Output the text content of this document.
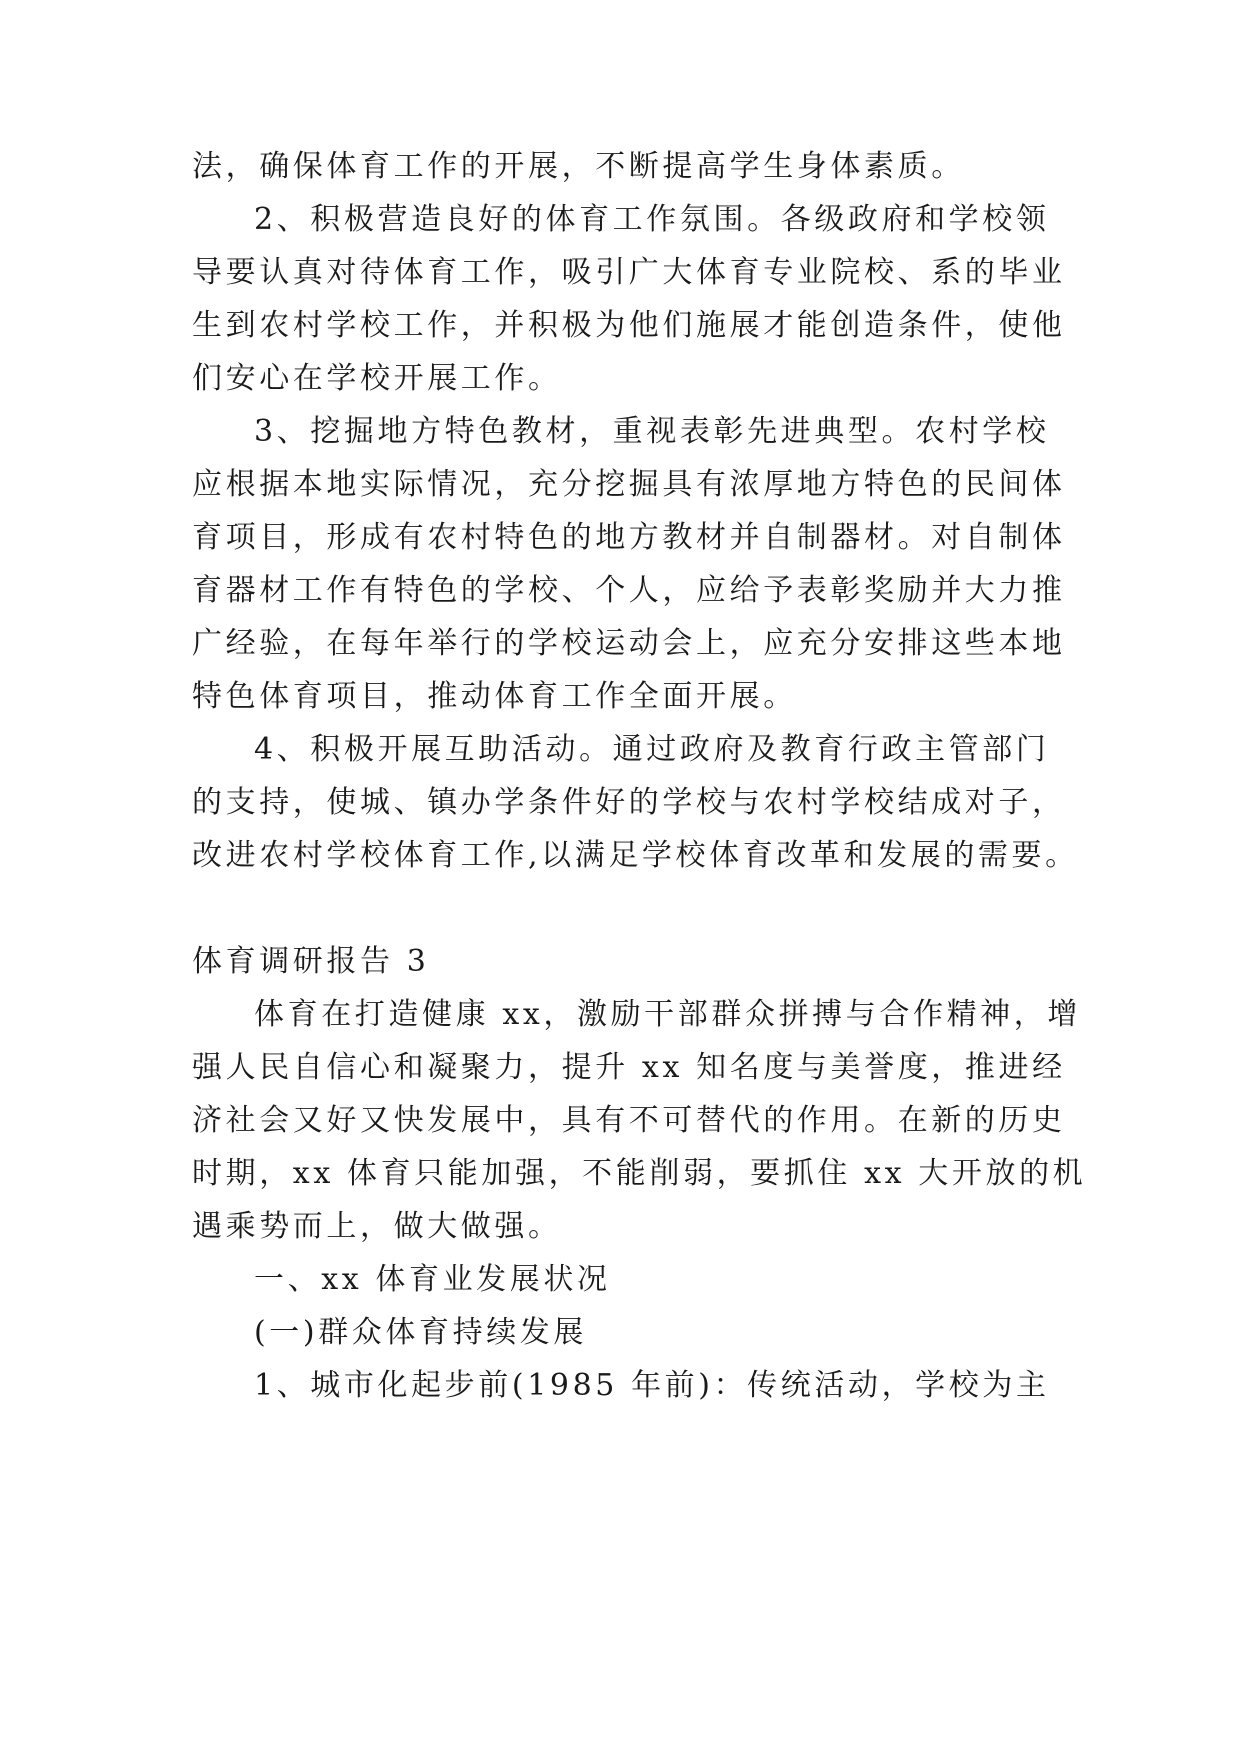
法，确保体育工作的开展，不断提高学生身体素质。
2、积极营造良好的体育工作氛围。各级政府和学校领
导要认真对待体育工作，吸引广大体育专业院校、系的毕业
生到农村学校工作，并积极为他们施展才能创造条件，使他
们安心在学校开展工作。
3、挖掘地方特色教材，重视表彰先进典型。农村学校
应根据本地实际情况，充分挖掘具有浓厚地方特色的民间体
育项目，形成有农村特色的地方教材并自制器材。对自制体
育器材工作有特色的学校、个人，应给予表彰奖励并大力推
广经验，在每年举行的学校运动会上，应充分安排这些本地
特色体育项目，推动体育工作全面开展。
4、积极开展互助活动。通过政府及教育行政主管部门
的支持，使城、镇办学条件好的学校与农村学校结成对子，
改进农村学校体育工作,以满足学校体育改革和发展的需要。
体育调研报告 3
体育在打造健康 xx，激励干部群众拼搏与合作精神，增
强人民自信心和凝聚力，提升 xx 知名度与美誉度，推进经
济社会又好又快发展中，具有不可替代的作用。在新的历史
时期，xx 体育只能加强，不能削弱，要抓住 xx 大开放的机
遇乘势而上，做大做强。
一、xx 体育业发展状况
(一)群众体育持续发展
1、城市化起步前(1985 年前)：传统活动，学校为主
